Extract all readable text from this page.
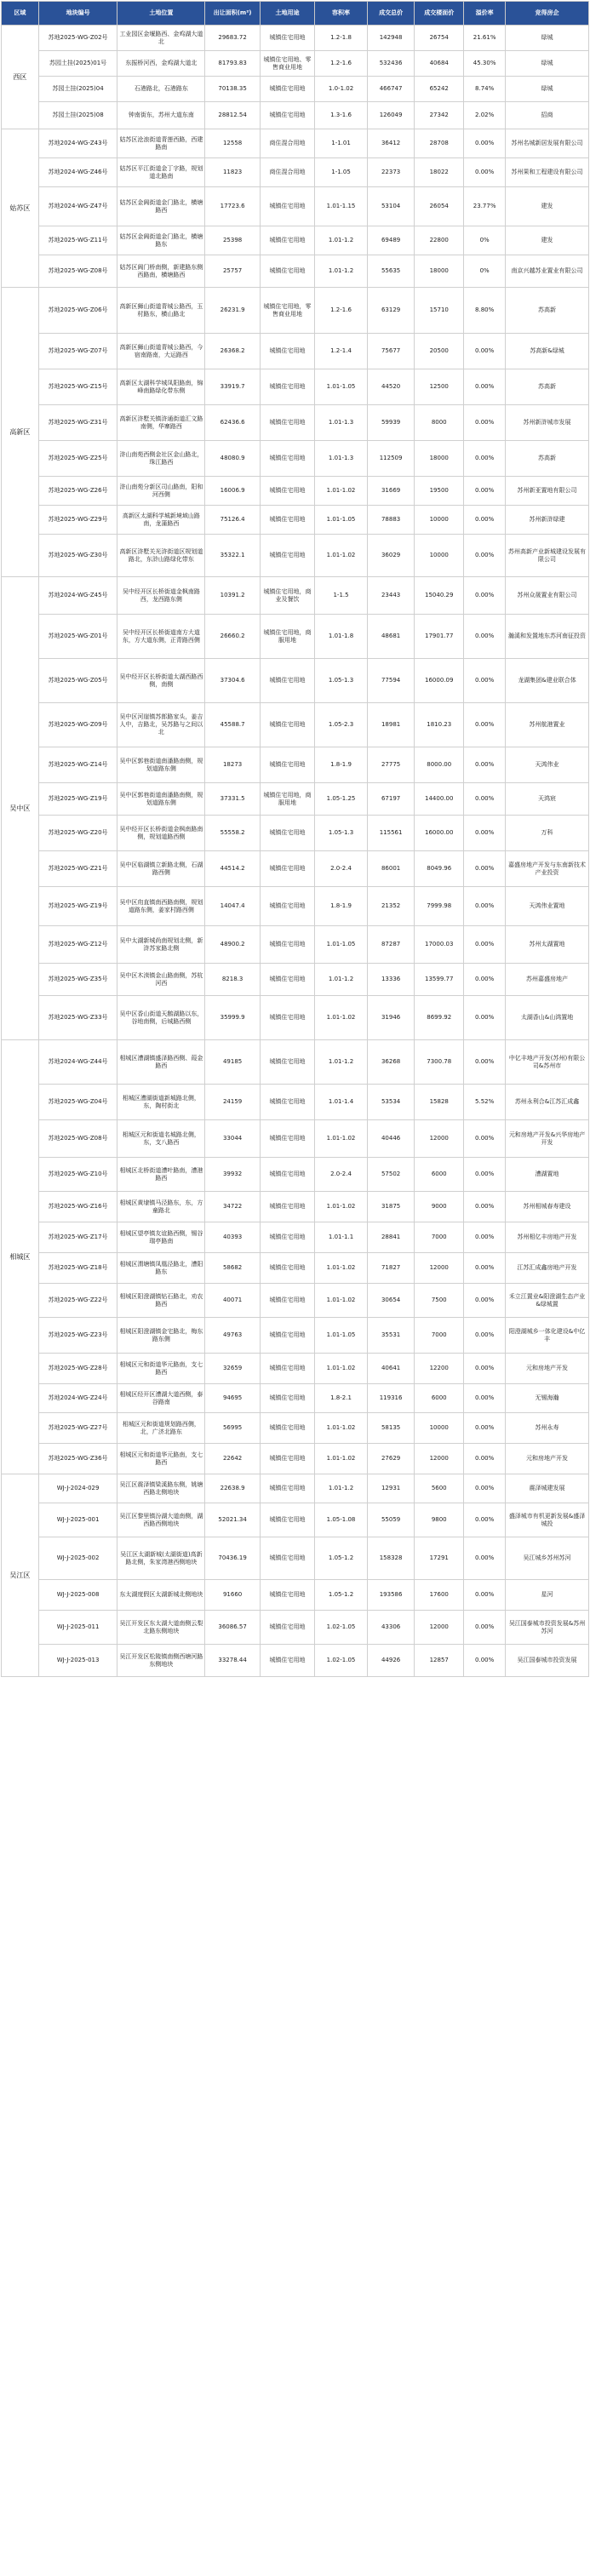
区域	地块编号	土地位置	出让面积(m²)	土地用途	容积率	成交总价	成交楼面价	溢价率	竞得房企
西区	苏地2025-WG-Z02号	工业园区金堰路西、金鸡湖大道北	29683.72	城镇住宅用地	1.2-1.8	142948	26754	21.61%	绿城
	苏园土挂(2025)01号	东振桥河西，金鸡湖大道北	81793.83	城镇住宅用地、零售商业用地	1.2-1.6	532436	40684	45.30%	绿城
	苏园土挂(2025)04	石港路北，石港路东	70138.35	城镇住宅用地	1.0-1.02	466747	65242	8.74%	绿城
	苏园土挂(2025)08	钟南街东，苏州大道东南	28812.54	城镇住宅用地	1.3-1.6	126049	27342	2.02%	招商
姑苏区	苏地2024-WG-Z43号	姑苏区沧浪街道青莲西路，西建路南	12558	商住混合用地	1-1.01	36412	28708	0.00%	苏州名城新居发展有限公司
	苏地2024-WG-Z46号	姑苏区平江街道金丁字路，规划道北路南	11823	商住混合用地	1-1.05	22373	18022	0.00%	苏州果和工程建设有限公司
	苏地2024-WG-Z47号	姑苏区金阊街道金门路北，横塘路西	17723.6	城镇住宅用地	1.01-1.15	53104	26054	23.77%	建发
	苏地2025-WG-Z11号	姑苏区金阊街道金门路北，横塘路东	25398	城镇住宅用地	1.01-1.2	69489	22800	0%	建发
	苏地2025-WG-Z08号	姑苏区阊门桥南侧，新建路东侧西路南，横塘路西	25757	城镇住宅用地	1.01-1.2	55635	18000	0%	南京兴越苏业置业有限公司
高新区	苏地2025-WG-Z06号	高新区狮山街道青城公路西，玉村路东，横山路北	26231.9	城镇住宅用地，零售商业用地	1.2-1.6	63129	15710	8.80%	苏高新
	苏地2025-WG-Z07号	高新区狮山街道青城公路西，今宿南路南，大运路西	26368.2	城镇住宅用地	1.2-1.4	75677	20500	0.00%	苏高新&绿城
	苏地2025-WG-Z15号	高新区太湖科学城凤阳路南，锦峰南路绿化带东侧	33919.7	城镇住宅用地	1.01-1.05	44520	12500	0.00%	苏高新
	苏地2025-WG-Z31号	高新区浒墅关镇浒通街道汇文路南侧，华寨路西	62436.6	城镇住宅用地	1.01-1.3	59939	8000	0.00%	苏州新浒城市发展
	苏地2025-WG-Z25号	浒山南苑西侧金社区金山路北，珠江路西	48080.9	城镇住宅用地	1.01-1.3	112509	18000	0.00%	苏高新
	苏地2025-WG-Z26号	浒山南苑分新区司山路南，阳和河西侧	16006.9	城镇住宅用地	1.01-1.02	31669	19500	0.00%	苏州新亚置地有限公司
	苏地2025-WG-Z29号	高新区太湖科学城新境域山路南，龙蒲路西	75126.4	城镇住宅用地	1.01-1.05	78883	10000	0.00%	苏州新浒绿建
	苏地2025-WG-Z30号	高新区浒墅关光浒街道区规划道路北，东浒山路绿化带东	35322.1	城镇住宅用地	1.01-1.02	36029	10000	0.00%	苏州高新产业新城建设发展有限公司
吴中区	苏地2024-WG-Z45号	吴中经开区长桥街道金枫南路西，龙西路东侧	10391.2	城镇住宅用地，商业及餐饮	1-1.5	23443	15040.29	0.00%	苏州众晟置业有限公司
	苏地2025-WG-Z01号	吴中经开区长桥街道南方大道东，方大道东侧，正青路西侧	26660.2	城镇住宅用地，商服用地	1.01-1.8	48681	17901.77	0.00%	瀚溪和发置地东苏河南征投资
	苏地2025-WG-Z05号	吴中经开区长桥街道太湖西路西侧，南侧	37304.6	城镇住宅用地	1.05-1.3	77594	16000.09	0.00%	龙湖集团&建业联合体
	苏地2025-WG-Z09号	吴中区河崖镇苏郎路家头，姜吉人中，吉路北，吴苏路与之间以北	45588.7	城镇住宅用地	1.05-2.3	18981	1810.23	0.00%	苏州航港置业
	苏地2025-WG-Z14号	吴中区郭巷街道南潘路南侧，规划道路东侧	18273	城镇住宅用地	1.8-1.9	27775	8000.00	0.00%	天鸿伟业
	苏地2025-WG-Z19号	吴中区郭巷街道南潘路南侧，规划道路东侧	37331.5	城镇住宅用地，商服用地	1.05-1.25	67197	14400.00	0.00%	天鸿宸
	苏地2025-WG-Z20号	吴中经开区长桥街道金枫南路南侧，规划道路西侧	55558.2	城镇住宅用地	1.05-1.3	115561	16000.00	0.00%	万科
	苏地2025-WG-Z21号	吴中区临湖镇立新路北侧，石湖路西侧	44514.2	城镇住宅用地	2.0-2.4	86001	8049.96	0.00%	嘉盛房地产开发与东南新技术产业投资
	苏地2025-WG-Z19号	吴中区甪直镇南西路南侧，规划道路东侧，姜家村路西侧	14047.4	城镇住宅用地	1.8-1.9	21352	7999.98	0.00%	天鸿伟业置地
	苏地2025-WG-Z12号	吴中太湖新城尚南规划北侧，新浒苏家路北侧	48900.2	城镇住宅用地	1.01-1.05	87287	17000.03	0.00%	苏州太湖置地
	苏地2025-WG-Z35号	吴中区木渎镇金山路南侧，苏杭河西	8218.3	城镇住宅用地	1.01-1.2	13336	13599.77	0.00%	苏州嘉盛房地产
	苏地2025-WG-Z33号	吴中区香山街道天鹅湖路以东，谷地南侧，后城路西侧	35999.9	城镇住宅用地	1.01-1.02	31946	8699.92	0.00%	太湖香山&山鸿置地
相城区	苏地2024-WG-Z44号	相城区漕湖镇盛泽路西侧、葭金路西	49185	城镇住宅用地	1.01-1.2	36268	7300.78	0.00%	中亿丰地产开发(苏州)有限公司&苏州市
	苏地2025-WG-Z04号	相城区漕湖街道新城路北侧，东，陶村街北	24159	城镇住宅用地	1.01-1.4	53534	15828	5.52%	苏州永利合&江苏汇成鑫
	苏地2025-WG-Z08号	相城区元和街道名城路北侧，东，支八路西	33044	城镇住宅用地	1.01-1.02	40446	12000	0.00%	元和房地产开发&兴华房地产开发
	苏地2025-WG-Z10号	相城区北桥街道漕叶路南，漕港路西	39932	城镇住宅用地	2.0-2.4	57502	6000	0.00%	漕湖置地
	苏地2025-WG-Z16号	相城区黄埭镇马泾路东，东，方童路北	34722	城镇住宅用地	1.01-1.02	31875	9000	0.00%	苏州相城春寿建设
	苏地2025-WG-Z17号	相城区望亭镇友谊路西侧，锡谷瑞亭路南	40393	城镇住宅用地	1.01-1.1	28841	7000	0.00%	苏州相亿丰房地产开发
	苏地2025-WG-Z18号	相城区渭塘镇凤凰泾路北，漕阳路东	58682	城镇住宅用地	1.01-1.02	71827	12000	0.00%	江苏汇成鑫房地产开发
	苏地2025-WG-Z22号	相城区阳澄湖镇钻石路北，劝农路西	40071	城镇住宅用地	1.01-1.02	30654	7500	0.00%	禾立江置业&阳澄湖生态产业&绿城置
	苏地2025-WG-Z23号	相城区阳澄湖镇金宅路北，梅东路东侧	49763	城镇住宅用地	1.01-1.05	35531	7000	0.00%	阳澄湖城乡一体化建设&中亿丰
	苏地2025-WG-Z28号	相城区元和街道华元路南，支七路西	32659	城镇住宅用地	1.01-1.02	40641	12200	0.00%	元和房地产开发
	苏地2024-WG-Z24号	相城区经开区漕湖大道西侧，泰谷路南	94695	城镇住宅用地	1.8-2.1	119316	6000	0.00%	无锡海瀚
	苏地2025-WG-Z27号	相城区元和街道规划路西侧，北，广济北路东	56995	城镇住宅用地	1.01-1.02	58135	10000	0.00%	苏州永寿
	苏地2025-WG-Z36号	相城区元和街道华元路南，支七路西	22642	城镇住宅用地	1.01-1.02	27629	12000	0.00%	元和房地产开发
吴江区	WJ-J-2024-029	吴江区震泽镇梁溪路东侧，姚塘西路北侧地块	22638.9	城镇住宅用地	1.01-1.2	12931	5600	0.00%	震泽城建发展
	WJ-J-2025-001	吴江区黎里镇汾湖大道南侧，湖西路西侧地块	52021.34	城镇住宅用地	1.05-1.08	55059	9800	0.00%	盛泽城市有机更新发展&盛泽城投
	WJ-J-2025-002	吴江区太湖新城(太湖街道)高新路北侧，朱家湾港西侧地块	70436.19	城镇住宅用地	1.05-1.2	158328	17291	0.00%	吴江城乡苏州苏河
	WJ-J-2025-008	东太湖度假区太湖新城北侧地块	91660	城镇住宅用地	1.05-1.2	193586	17600	0.00%	星河
	WJ-J-2025-011	吴江开发区东太湖大道南侧云梨北路东侧地块	36086.57	城镇住宅用地	1.02-1.05	43306	12000	0.00%	吴江国泰城市投资发展&苏州苏河
	WJ-J-2025-013	吴江开发区松陵镇南侧西塘河路东侧地块	33278.44	城镇住宅用地	1.02-1.05	44926	12857	0.00%	吴江国泰城市投资发展
